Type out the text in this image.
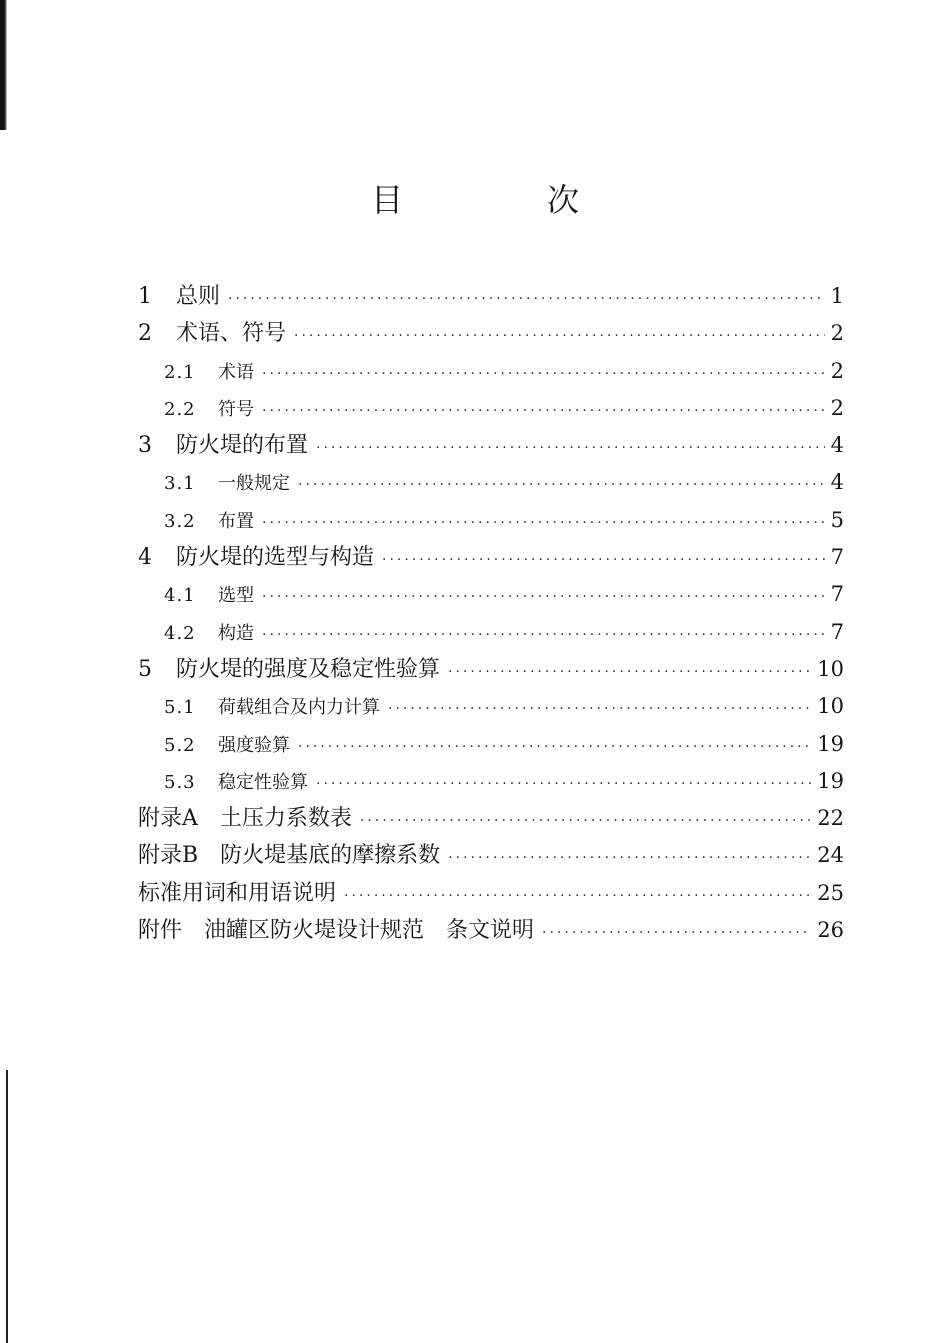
目　次
1	总则 ·····	1
2	术语、符号 ·····	2
2.1	术语 ·····	2
2.2	符号 ·····	2
3	防火堤的布置 ·····	4
3.1	一般规定 ·····	4
3.2	布置 ·····	5
4	防火堤的选型与构造 ·····	7
4.1	选型 ·····	7
4.2	构造 ·····	7
5	防火堤的强度及稳定性验算 ·····	10
5.1	荷载组合及内力计算 ·····	10
5.2	强度验算 ·····	19
5.3	稳定性验算 ·····	19
附录A　土压力系数表 ·····	22
附录B　防火堤基底的摩擦系数 ·····	24
标准用词和用语说明 ·····	25
附件　油罐区防火堤设计规范　条文说明 ·····	26
